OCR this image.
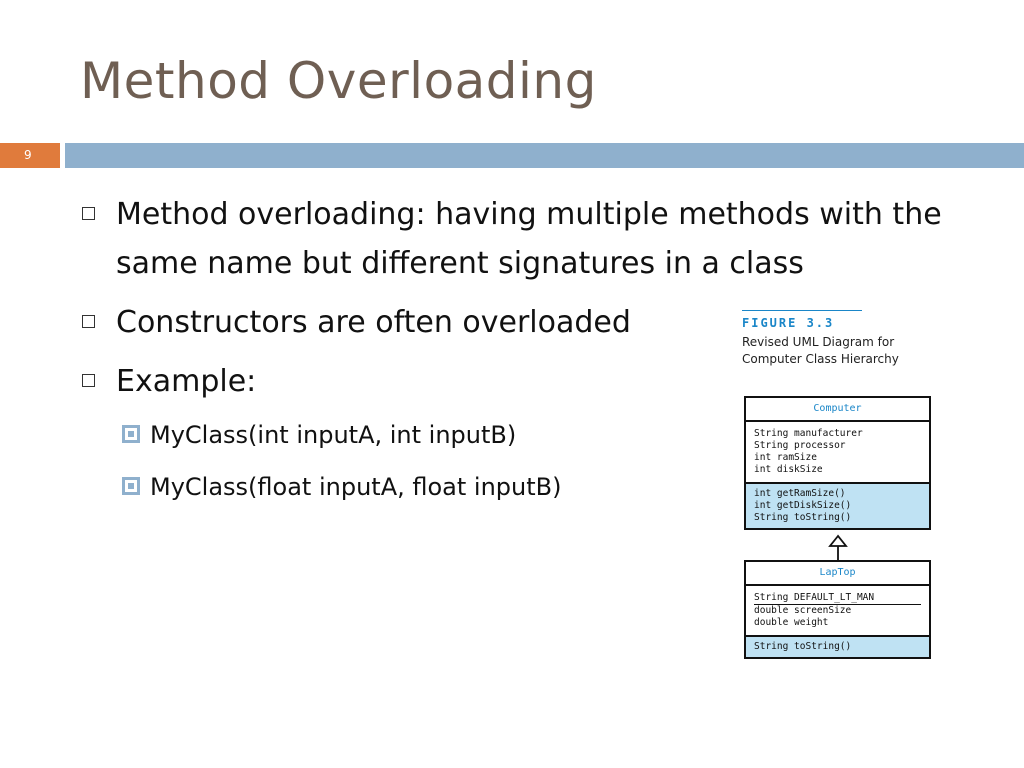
Method Overloading
9
Method overloading: having multiple methods with the same name but different signatures in a class
Constructors are often overloaded
Example:
MyClass(int inputA, int inputB)
MyClass(float inputA, float inputB)
FIGURE 3.3
Revised UML Diagram for Computer Class Hierarchy
Computer
String manufacturer
String processor
int ramSize
int diskSize
int getRamSize()
int getDiskSize()
String toString()
LapTop
String DEFAULT_LT_MAN
double screenSize
double weight
String toString()
